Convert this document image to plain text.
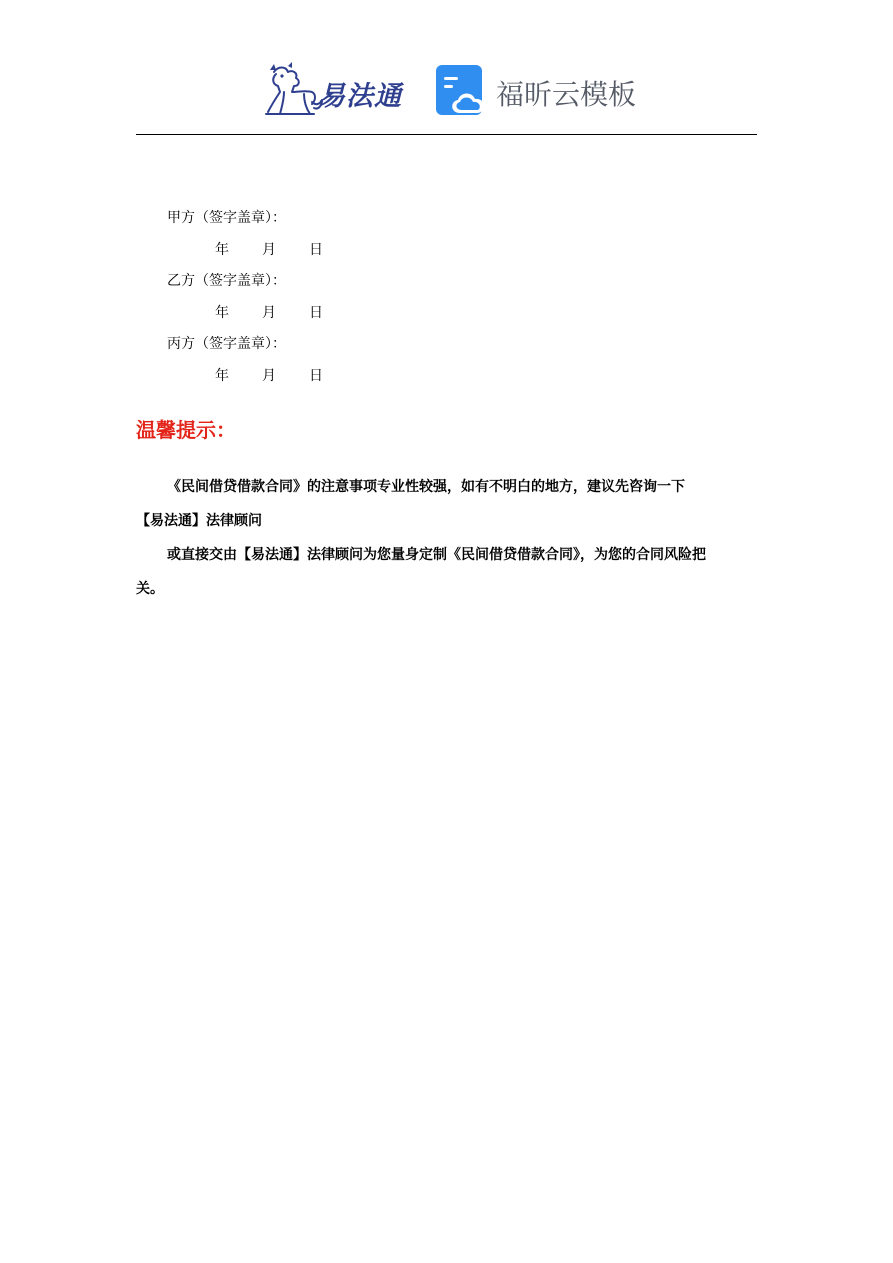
易法通	福昕云模板
甲方（签字盖章）：
年 月 日
乙方（签字盖章）：
年 月 日
丙方（签字盖章）：
年 月 日
温馨提示：
《民间借贷借款合同》的注意事项专业性较强，如有不明白的地方，建议先咨询一下
【易法通】法律顾问
或直接交由【易法通】法律顾问为您量身定制《民间借贷借款合同》，为您的合同风险把
关。
